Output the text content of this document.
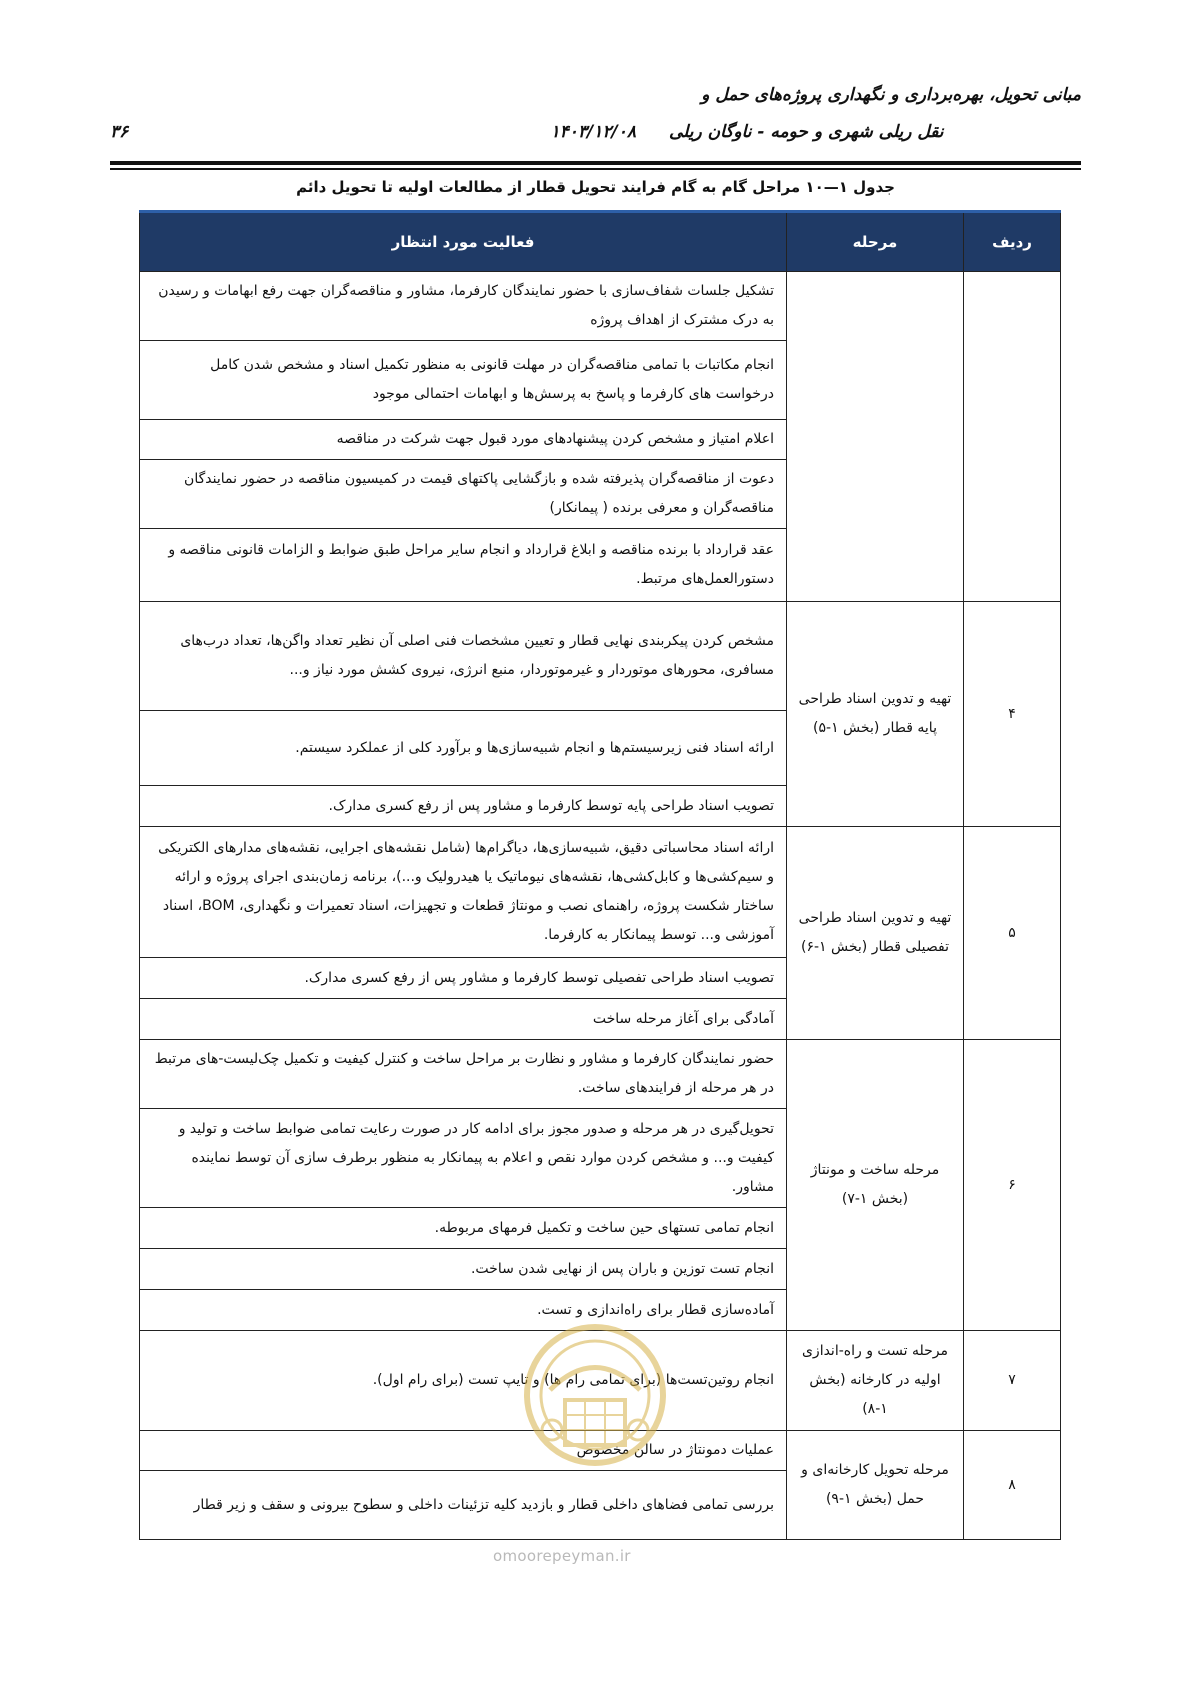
مبانی تحویل، بهره‌برداری و نگهداری پروژه‌های حمل و
نقل ریلی شهری و حومه - ناوگان ریلی
۱۴۰۳/۱۲/۰۸
۳۶
جدول ۱—۱۰ مراحل گام به گام فرایند تحویل قطار از مطالعات اولیه تا تحویل دائم
ردیف	مرحله	فعالیت مورد انتظار
		تشکیل جلسات شفاف‌سازی با حضور نمایندگان کارفرما، مشاور و مناقصه‌گران جهت رفع ابهامات و رسیدن به درک مشترک از اهداف پروژه
		انجام مکاتبات با تمامی مناقصه‌گران در مهلت قانونی به منظور تکمیل اسناد و مشخص شدن کامل درخواست های کارفرما و پاسخ به پرسش‌ها و ابهامات احتمالی موجود
		اعلام امتیاز و مشخص کردن پیشنهادهای مورد قبول جهت شرکت در مناقصه
		دعوت از مناقصه‌گران پذیرفته شده و بازگشایی پاکتهای قیمت در کمیسیون مناقصه در حضور نمایندگان مناقصه‌گران و معرفی برنده ( پیمانکار)
		عقد قرارداد با برنده مناقصه و ابلاغ قرارداد و انجام سایر مراحل طبق ضوابط و الزامات قانونی مناقصه و دستورالعمل‌های مرتبط.
۴	تهیه و تدوین اسناد طراحی پایه قطار (بخش ۱-۵)	مشخص کردن پیکربندی نهایی قطار و تعیین مشخصات فنی اصلی آن نظیر تعداد واگن‌ها، تعداد درب‌های مسافری، محورهای موتوردار و غیرموتوردار، منبع انرژی، نیروی کشش مورد نیاز و...
		ارائه اسناد فنی زیرسیستم‌ها و انجام شبیه‌سازی‌ها و برآورد کلی از عملکرد سیستم.
		تصویب اسناد طراحی پایه توسط کارفرما و مشاور پس از رفع کسری مدارک.
۵	تهیه و تدوین اسناد طراحی تفصیلی قطار (بخش ۱-۶)	ارائه اسناد محاسباتی دقیق، شبیه‌سازی‌ها، دیاگرام‌ها (شامل نقشه‌های اجرایی، نقشه‌های مدارهای الکتریکی و سیم‌کشی‌ها و کابل‌کشی‌ها، نقشه‌های نیوماتیک یا هیدرولیک و...)، برنامه زمان‌بندی اجرای پروژه و ارائه ساختار شکست پروژه، راهنمای نصب و مونتاژ قطعات و تجهیزات، اسناد تعمیرات و نگهداری، BOM، اسناد آموزشی و... توسط پیمانکار به کارفرما.
		تصویب اسناد طراحی تفصیلی توسط کارفرما و مشاور پس از رفع کسری مدارک.
		آمادگی برای آغاز مرحله ساخت
۶	مرحله ساخت و مونتاژ (بخش ۱-۷)	حضور نمایندگان کارفرما و مشاور و نظارت بر مراحل ساخت و کنترل کیفیت و تکمیل چک‌لیست-های مرتبط در هر مرحله از فرایندهای ساخت.
		تحویل‌گیری در هر مرحله و صدور مجوز برای ادامه کار در صورت رعایت تمامی ضوابط ساخت و تولید و کیفیت و... و مشخص کردن موارد نقص و اعلام به پیمانکار به منظور برطرف سازی آن توسط نماینده مشاور.
		انجام تمامی تستهای حین ساخت و تکمیل فرمهای مربوطه.
		انجام تست توزین و باران پس از نهایی شدن ساخت.
		آماده‌سازی قطار برای راه‌اندازی و تست.
۷	مرحله تست و راه-اندازی اولیه در کارخانه (بخش ۱-۸)	انجام روتین‌تست‌ها (برای تمامی رام ها) و تایپ تست (برای رام اول).
۸	مرحله تحویل کارخانه‌ای و حمل (بخش ۱-۹)	عملیات دمونتاژ در سالن مخصوص
		بررسی تمامی فضاهای داخلی قطار و بازدید کلیه تزئینات داخلی و سطوح بیرونی و سقف و زیر قطار
omoorepeyman.ir
